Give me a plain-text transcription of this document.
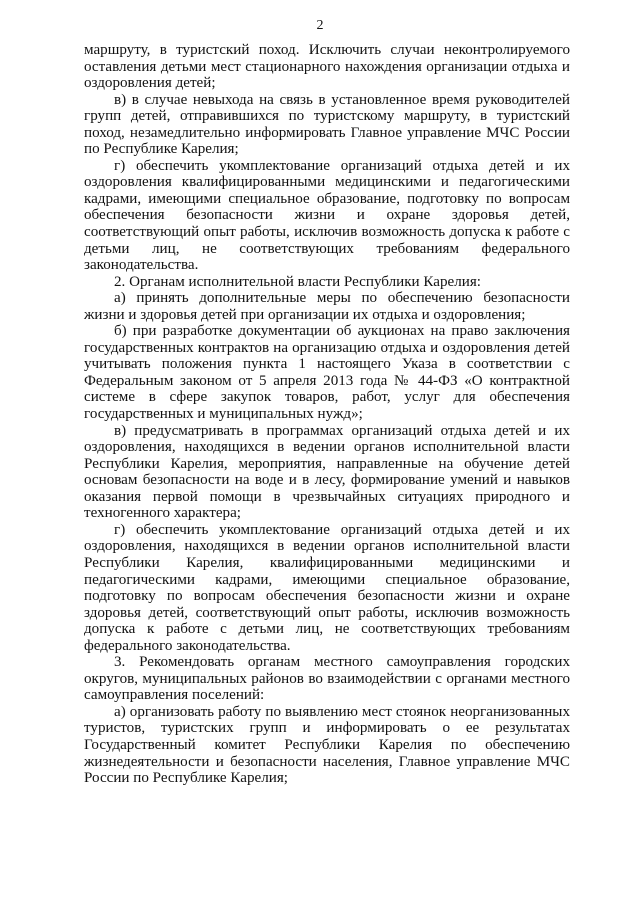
2

маршруту, в туристский поход. Исключить случаи неконтролируемого оставления детьми мест стационарного нахождения организации отдыха и оздоровления детей;

в) в случае невыхода на связь в установленное время руководителей групп детей, отправившихся по туристскому маршруту, в туристский поход, незамедлительно информировать Главное управление МЧС России по Республике Карелия;

г) обеспечить укомплектование организаций отдыха детей и их оздоровления квалифицированными медицинскими и педагогическими кадрами, имеющими специальное образование, подготовку по вопросам обеспечения безопасности жизни и охране здоровья детей, соответствующий опыт работы, исключив возможность допуска к работе с детьми лиц, не соответствующих требованиям федерального законодательства.

2. Органам исполнительной власти Республики Карелия:

а) принять дополнительные меры по обеспечению безопасности жизни и здоровья детей при организации их отдыха и оздоровления;

б) при разработке документации об аукционах на право заключения государственных контрактов на организацию отдыха и оздоровления детей учитывать положения пункта 1 настоящего Указа в соответствии с Федеральным законом от 5 апреля 2013 года № 44-ФЗ «О контрактной системе в сфере закупок товаров, работ, услуг для обеспечения государственных и муниципальных нужд»;

в) предусматривать в программах организаций отдыха детей и их оздоровления, находящихся в ведении органов исполнительной власти Республики Карелия, мероприятия, направленные на обучение детей основам безопасности на воде и в лесу, формирование умений и навыков оказания первой помощи в чрезвычайных ситуациях природного и техногенного характера;

г) обеспечить укомплектование организаций отдыха детей и их оздоровления, находящихся в ведении органов исполнительной власти Республики Карелия, квалифицированными медицинскими и педагогическими кадрами, имеющими специальное образование, подготовку по вопросам обеспечения безопасности жизни и охране здоровья детей, соответствующий опыт работы, исключив возможность допуска к работе с детьми лиц, не соответствующих требованиям федерального законодательства.

3. Рекомендовать органам местного самоуправления городских округов, муниципальных районов во взаимодействии с органами местного самоуправления поселений:

а) организовать работу по выявлению мест стоянок неорганизованных туристов, туристских групп и информировать о ее результатах Государственный комитет Республики Карелия по обеспечению жизнедеятельности и безопасности населения, Главное управление МЧС России по Республике Карелия;
